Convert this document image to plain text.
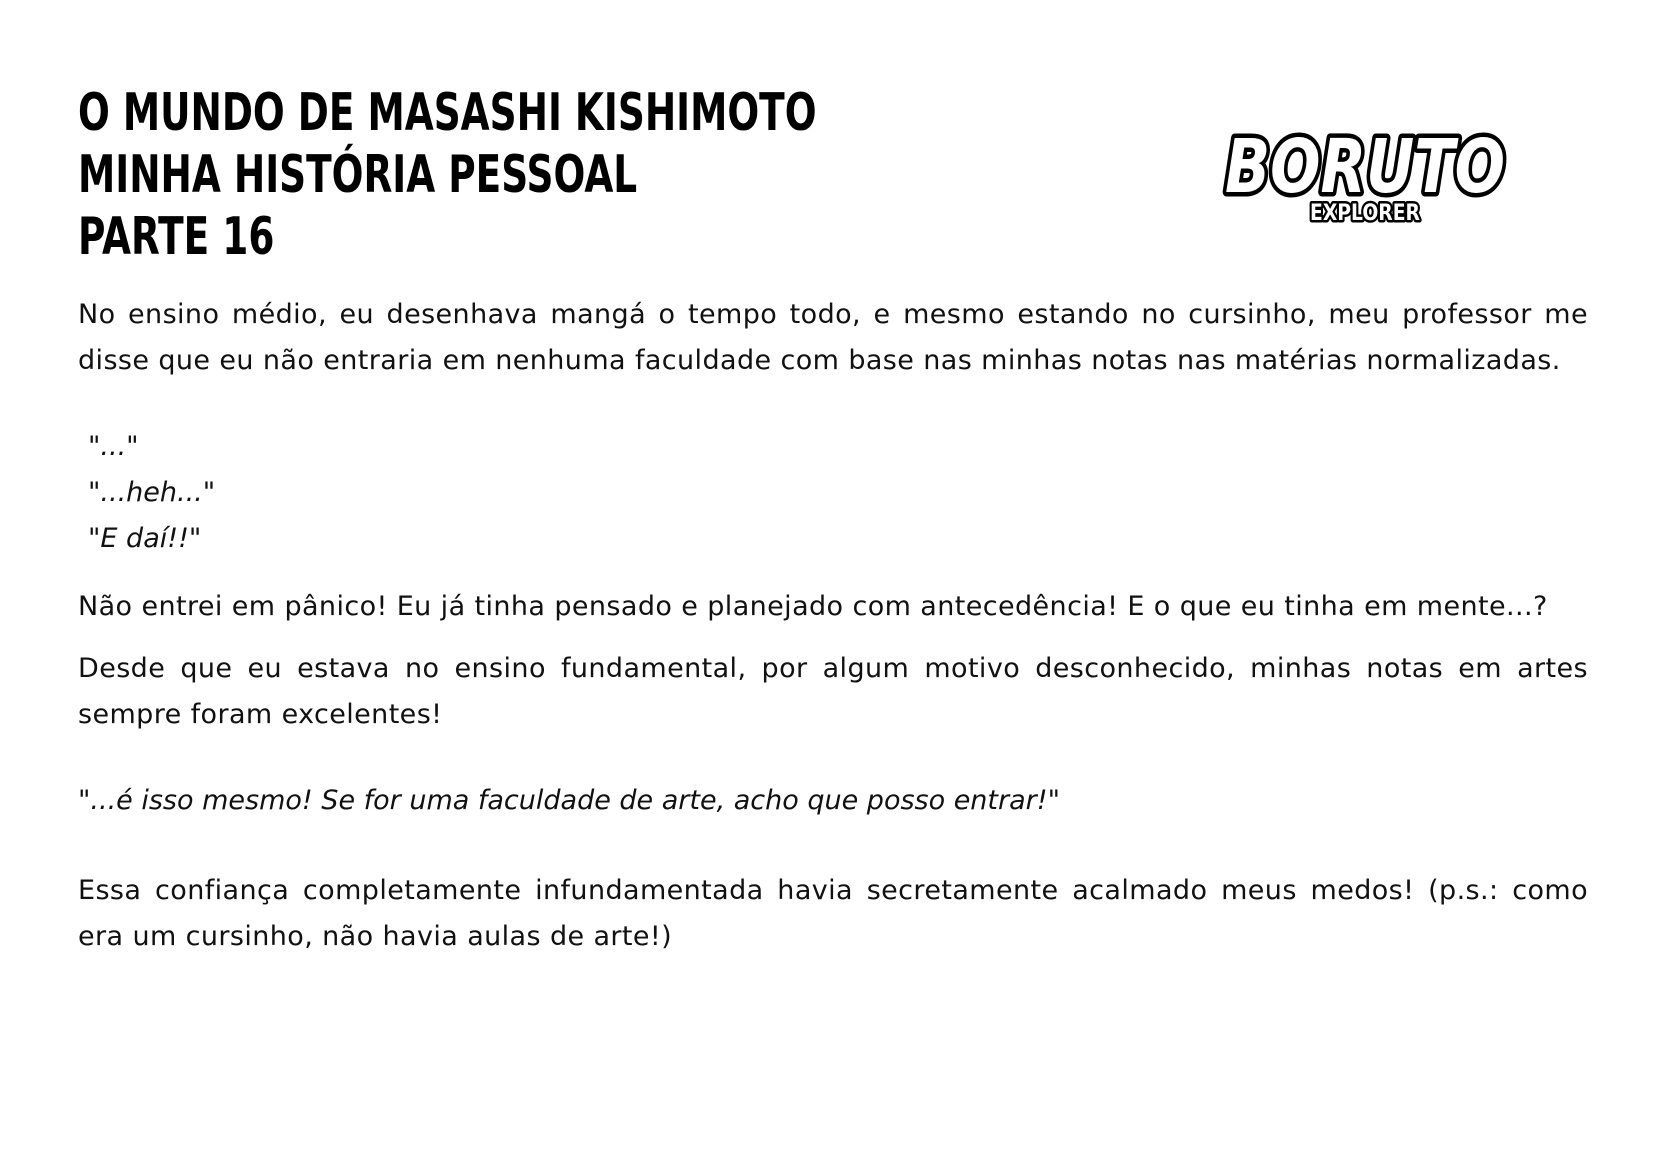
O MUNDO DE MASASHI KISHIMOTO
MINHA HISTÓRIA PESSOAL
PARTE 16

No ensino médio, eu desenhava mangá o tempo todo, e mesmo estando no cursinho, meu professor me disse que eu não entraria em nenhuma faculdade com base nas minhas notas nas matérias normalizadas.

"..."
"...heh..."
"E daí!!"

Não entrei em pânico! Eu já tinha pensado e planejado com antecedência! E o que eu tinha em mente...?

Desde que eu estava no ensino fundamental, por algum motivo desconhecido, minhas notas em artes sempre foram excelentes!

"...é isso mesmo! Se for uma faculdade de arte, acho que posso entrar!"

Essa confiança completamente infundamentada havia secretamente acalmado meus medos! (p.s.: como era um cursinho, não havia aulas de arte!)

BORUTO
EXPLORER
